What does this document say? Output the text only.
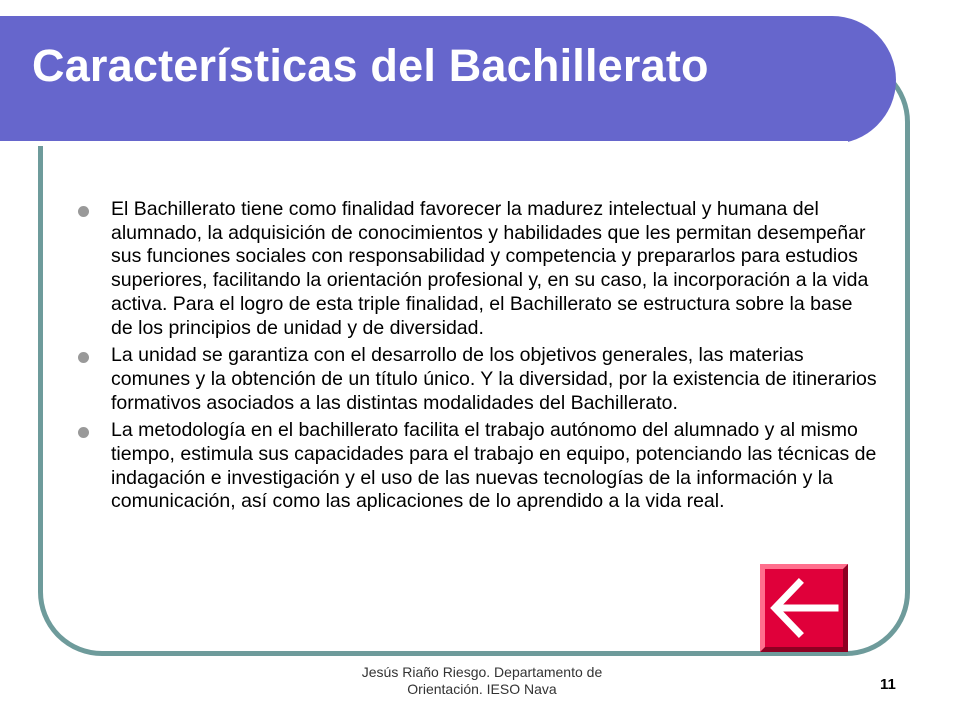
Características del Bachillerato
El Bachillerato tiene como finalidad favorecer la madurez intelectual y humana del alumnado, la adquisición de conocimientos y habilidades que les permitan desempeñar sus funciones sociales con responsabilidad y competencia y prepararlos para estudios superiores, facilitando la orientación profesional y, en su caso, la incorporación a la vida activa. Para el logro de esta triple finalidad, el Bachillerato se estructura sobre la base de los principios de unidad y de diversidad.
La unidad se garantiza con el desarrollo de los objetivos generales, las materias comunes y la obtención de un título único. Y la diversidad, por la existencia de itinerarios formativos asociados a las distintas modalidades del Bachillerato.
La metodología en el bachillerato facilita el trabajo autónomo del alumnado y al mismo tiempo, estimula sus capacidades para el trabajo en equipo, potenciando las técnicas de indagación e investigación y el uso de las nuevas tecnologías de la información y la comunicación, así como las aplicaciones de lo aprendido a la vida real.
Jesús Riaño Riesgo. Departamento de
Orientación. IESO Nava	11
